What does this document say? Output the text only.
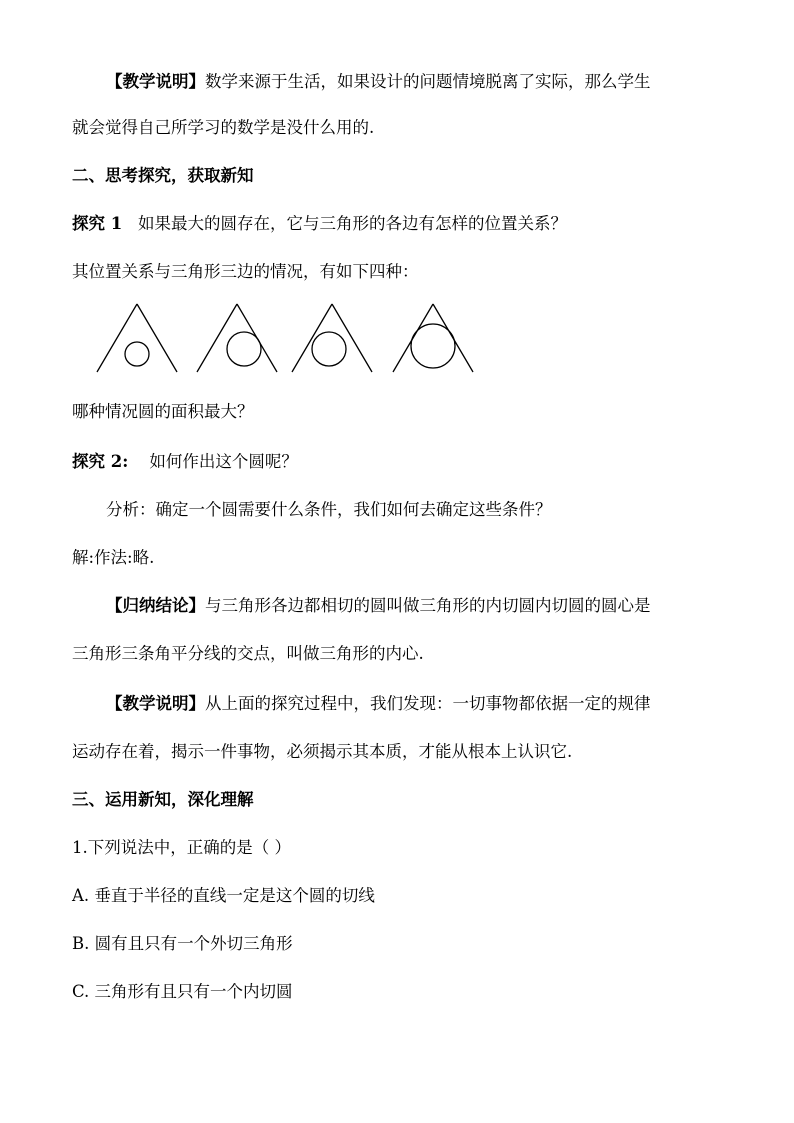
【教学说明】数学来源于生活，如果设计的问题情境脱离了实际，那么学生
就会觉得自己所学习的数学是没什么用的.
二、思考探究，获取新知
探究 1 如果最大的圆存在，它与三角形的各边有怎样的位置关系？
其位置关系与三角形三边的情况，有如下四种：
哪种情况圆的面积最大？
探究 2: 如何作出这个圆呢？
分析：确定一个圆需要什么条件，我们如何去确定这些条件？
解:作法:略.
【归纳结论】与三角形各边都相切的圆叫做三角形的内切圆内切圆的圆心是
三角形三条角平分线的交点，叫做三角形的内心.
【教学说明】从上面的探究过程中，我们发现：一切事物都依据一定的规律
运动存在着，揭示一件事物，必须揭示其本质，才能从根本上认识它.
三、运用新知，深化理解
1.下列说法中，正确的是（ ）
A. 垂直于半径的直线一定是这个圆的切线
B. 圆有且只有一个外切三角形
C. 三角形有且只有一个内切圆
